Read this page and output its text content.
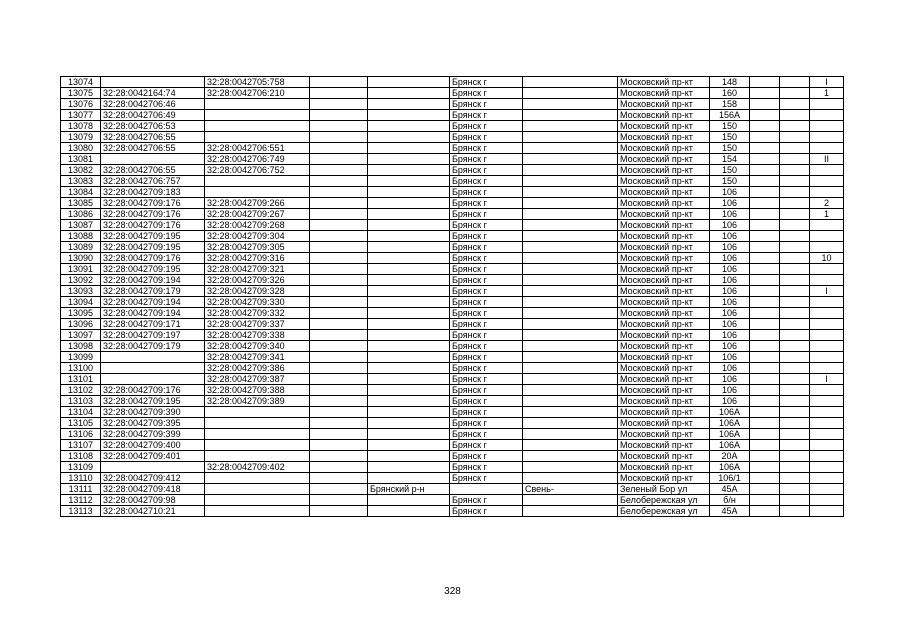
13074		32:28:0042705:758			Брянск г		Московский пр-кт	148			I
13075	32:28:0042164:74	32:28:0042706:210			Брянск г		Московский пр-кт	160			1
13076	32:28:0042706:46				Брянск г		Московский пр-кт	158			
13077	32:28:0042706:49				Брянск г		Московский пр-кт	156А			
13078	32:28:0042706:53				Брянск г		Московский пр-кт	150			
13079	32:28:0042706:55				Брянск г		Московский пр-кт	150			
13080	32:28:0042706:55	32:28:0042706:551			Брянск г		Московский пр-кт	150			
13081		32:28:0042706:749			Брянск г		Московский пр-кт	154			II
13082	32:28:0042706:55	32:28:0042706:752			Брянск г		Московский пр-кт	150			
13083	32:28:0042706:757				Брянск г		Московский пр-кт	150			
13084	32:28:0042709:183				Брянск г		Московский пр-кт	106			
13085	32:28:0042709:176	32:28:0042709:266			Брянск г		Московский пр-кт	106			2
13086	32:28:0042709:176	32:28:0042709:267			Брянск г		Московский пр-кт	106			1
13087	32:28:0042709:176	32:28:0042709:268			Брянск г		Московский пр-кт	106			
13088	32:28:0042709:195	32:28:0042709:304			Брянск г		Московский пр-кт	106			
13089	32:28:0042709:195	32:28:0042709:305			Брянск г		Московский пр-кт	106			
13090	32:28:0042709:176	32:28:0042709:316			Брянск г		Московский пр-кт	106			10
13091	32:28:0042709:195	32:28:0042709:321			Брянск г		Московский пр-кт	106			
13092	32:28:0042709:194	32:28:0042709:326			Брянск г		Московский пр-кт	106			
13093	32:28:0042709:179	32:28:0042709:328			Брянск г		Московский пр-кт	106			I
13094	32:28:0042709:194	32:28:0042709:330			Брянск г		Московский пр-кт	106			
13095	32:28:0042709:194	32:28:0042709:332			Брянск г		Московский пр-кт	106			
13096	32:28:0042709:171	32:28:0042709:337			Брянск г		Московский пр-кт	106			
13097	32:28:0042709:197	32:28:0042709:338			Брянск г		Московский пр-кт	106			
13098	32:28:0042709:179	32:28:0042709:340			Брянск г		Московский пр-кт	106			
13099		32:28:0042709:341			Брянск г		Московский пр-кт	106			
13100		32:28:0042709:386			Брянск г		Московский пр-кт	106			
13101		32:28:0042709:387			Брянск г		Московский пр-кт	106			I
13102	32:28:0042709:176	32:28:0042709:388			Брянск г		Московский пр-кт	106			
13103	32:28:0042709:195	32:28:0042709:389			Брянск г		Московский пр-кт	106			
13104	32:28:0042709:390				Брянск г		Московский пр-кт	106А			
13105	32:28:0042709:395				Брянск г		Московский пр-кт	106А			
13106	32:28:0042709:399				Брянск г		Московский пр-кт	106А			
13107	32:28:0042709:400				Брянск г		Московский пр-кт	106А			
13108	32:28:0042709:401				Брянск г		Московский пр-кт	20А			
13109		32:28:0042709:402			Брянск г		Московский пр-кт	106А			
13110	32:28:0042709:412				Брянск г		Московский пр-кт	106/1			
13111	32:28:0042709:418			Брянский р-н		Свень-	Зеленый Бор ул	45А			
13112	32:28:0042709:98				Брянск г		Белобережская ул	б/н			
13113	32:28:0042710:21				Брянск г		Белобережская ул	45А			
328
